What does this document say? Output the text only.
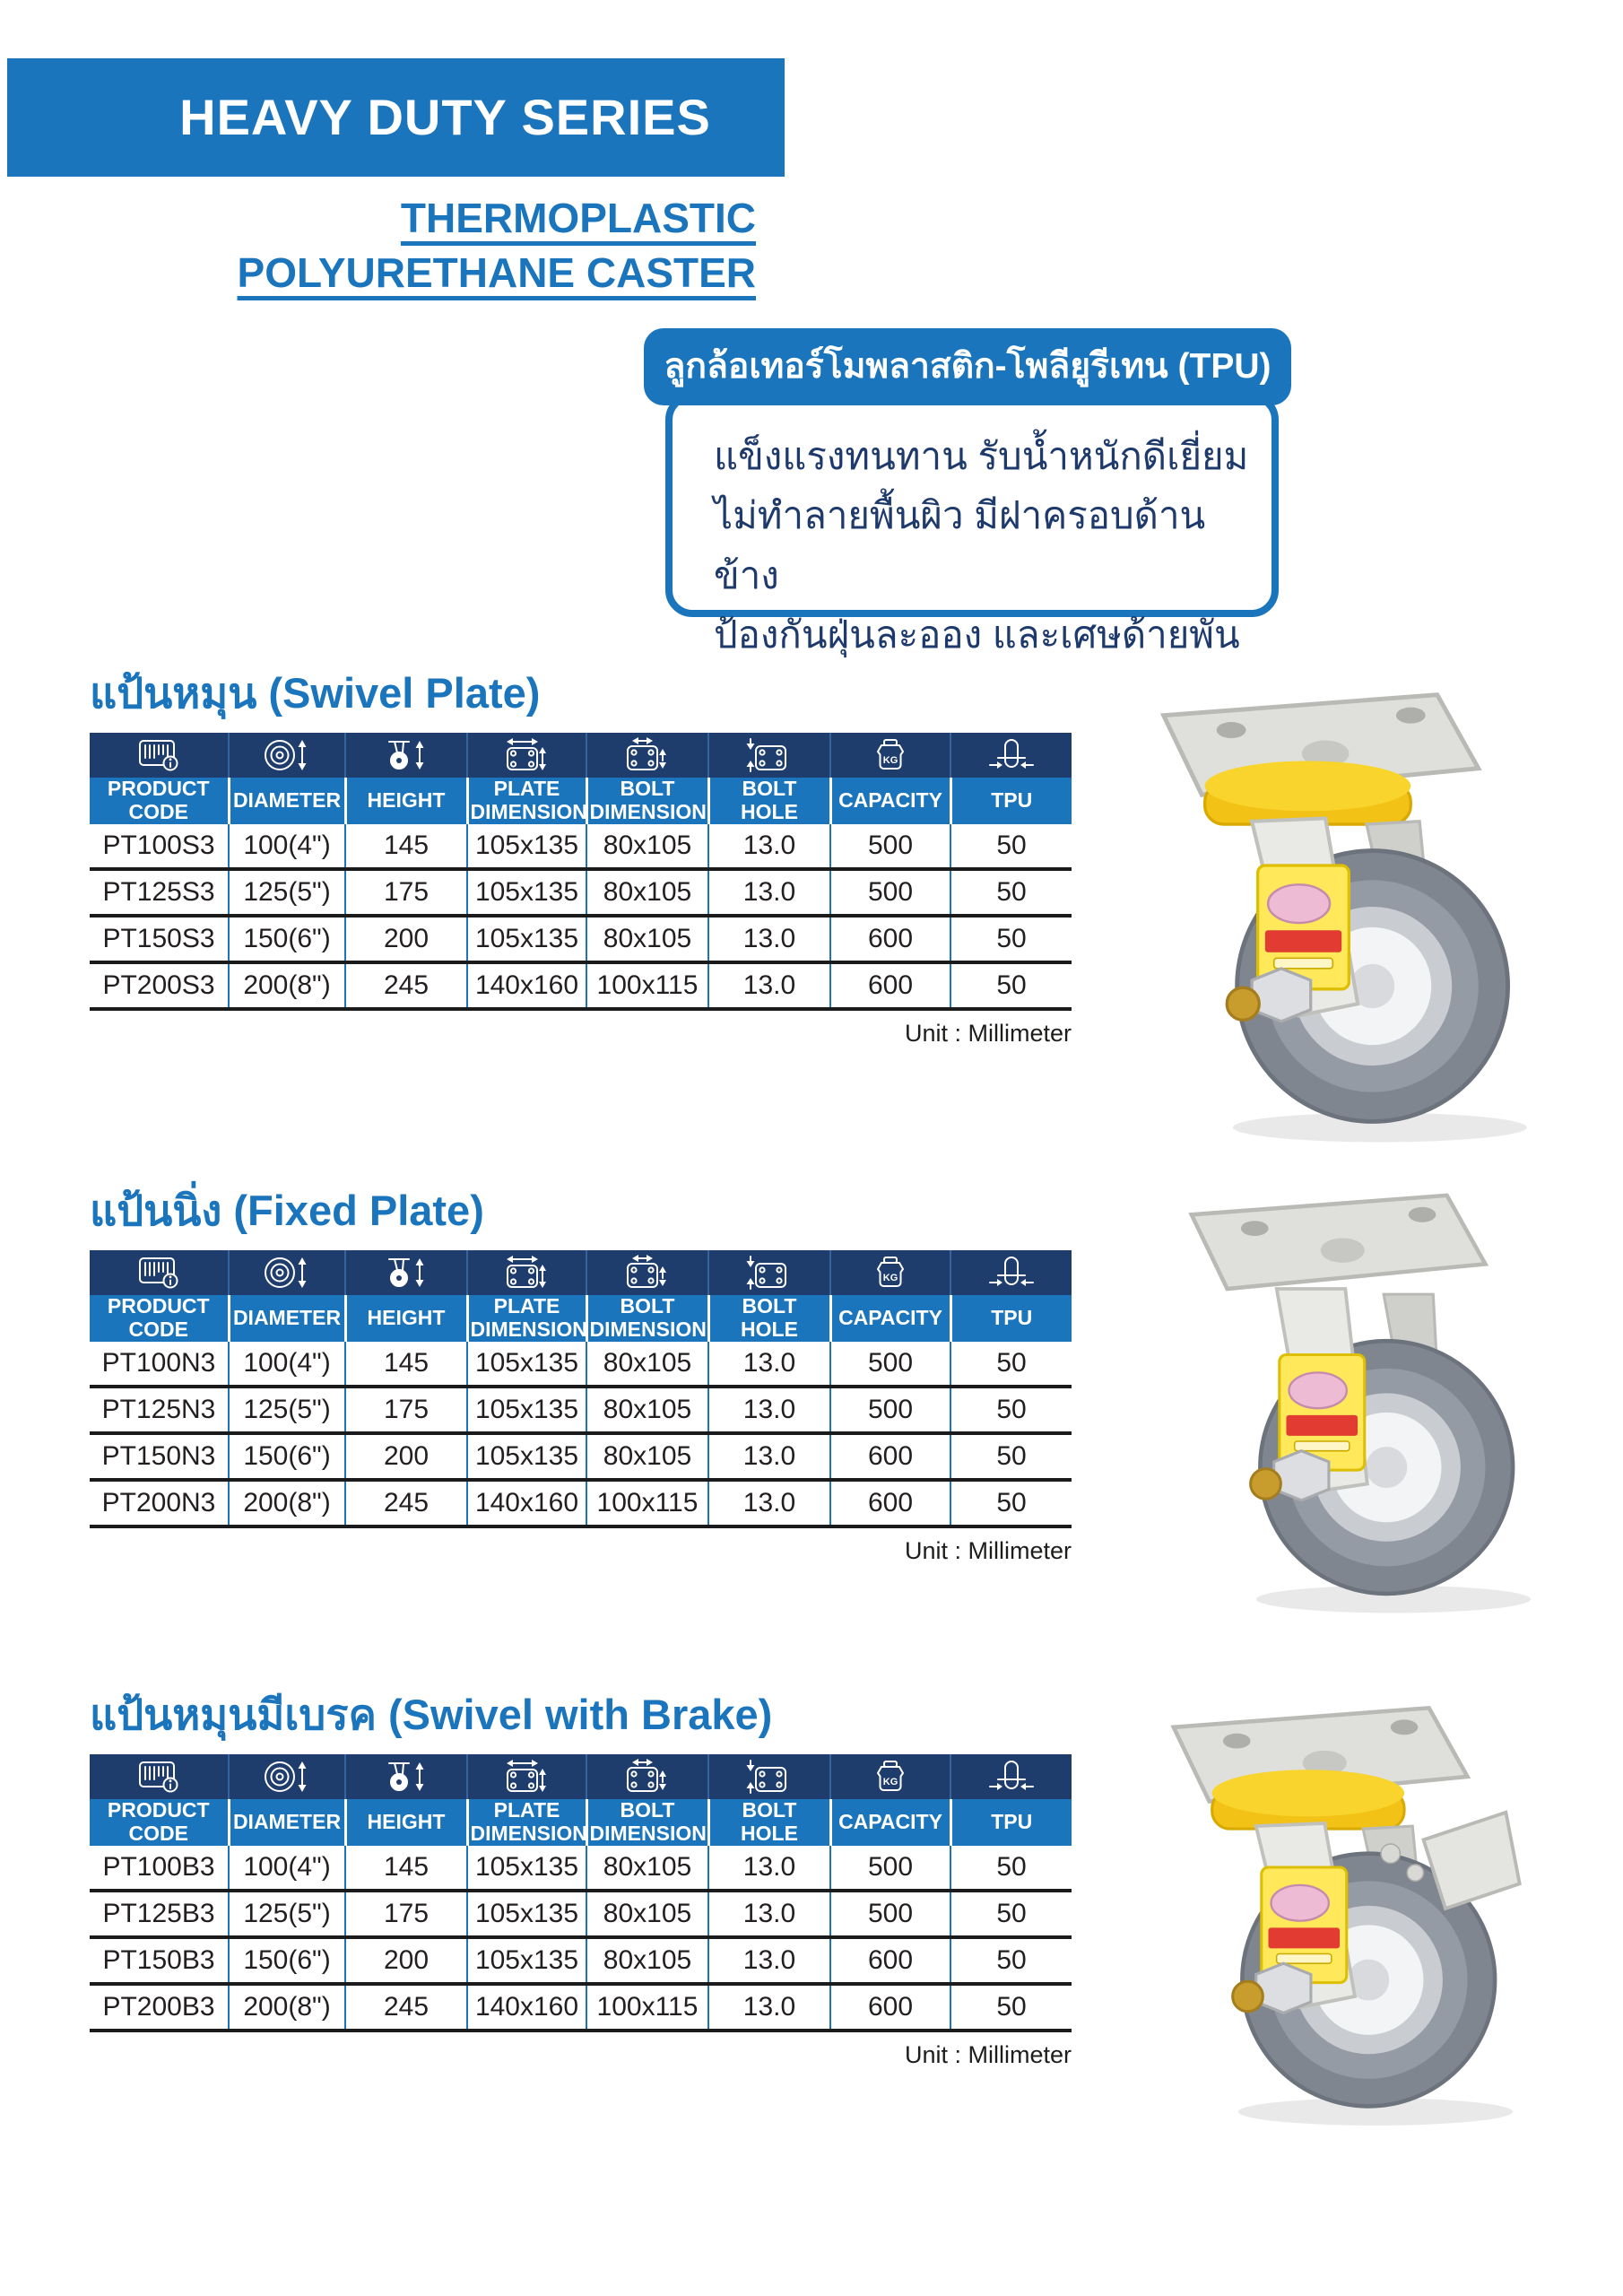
HEAVY DUTY SERIES
THERMOPLASTIC
POLYURETHANE CASTER
ลูกล้อเทอร์โมพลาสติก-โพลียูรีเทน (TPU)

แข็งแรงทนทาน รับน้ำหนักดีเยี่ยม

ไม่ทำลายพื้นผิว มีฝาครอบด้านข้าง

ป้องกันฝุ่นละออง และเศษด้ายพัน

แป้นหมุน (Swivel Plate)

KG

PRODUCT CODE	DIAMETER	HEIGHT	PLATE DIMENSION	BOLT DIMENSION	BOLT HOLE	CAPACITY	TPU
PT100S3	100(4")	145	105x135	80x105	13.0	500	50
PT125S3	125(5")	175	105x135	80x105	13.0	500	50
PT150S3	150(6")	200	105x135	80x105	13.0	600	50
PT200S3	200(8")	245	140x160	100x115	13.0	600	50
Unit : Millimeter
แป้นนิ่ง (Fixed Plate)

KG

PRODUCT CODE	DIAMETER	HEIGHT	PLATE DIMENSION	BOLT DIMENSION	BOLT HOLE	CAPACITY	TPU
PT100N3	100(4")	145	105x135	80x105	13.0	500	50
PT125N3	125(5")	175	105x135	80x105	13.0	500	50
PT150N3	150(6")	200	105x135	80x105	13.0	600	50
PT200N3	200(8")	245	140x160	100x115	13.0	600	50
Unit : Millimeter
แป้นหมุนมีเบรค (Swivel with Brake)

KG

PRODUCT CODE	DIAMETER	HEIGHT	PLATE DIMENSION	BOLT DIMENSION	BOLT HOLE	CAPACITY	TPU
PT100B3	100(4")	145	105x135	80x105	13.0	500	50
PT125B3	125(5")	175	105x135	80x105	13.0	500	50
PT150B3	150(6")	200	105x135	80x105	13.0	600	50
PT200B3	200(8")	245	140x160	100x115	13.0	600	50
Unit : Millimeter
